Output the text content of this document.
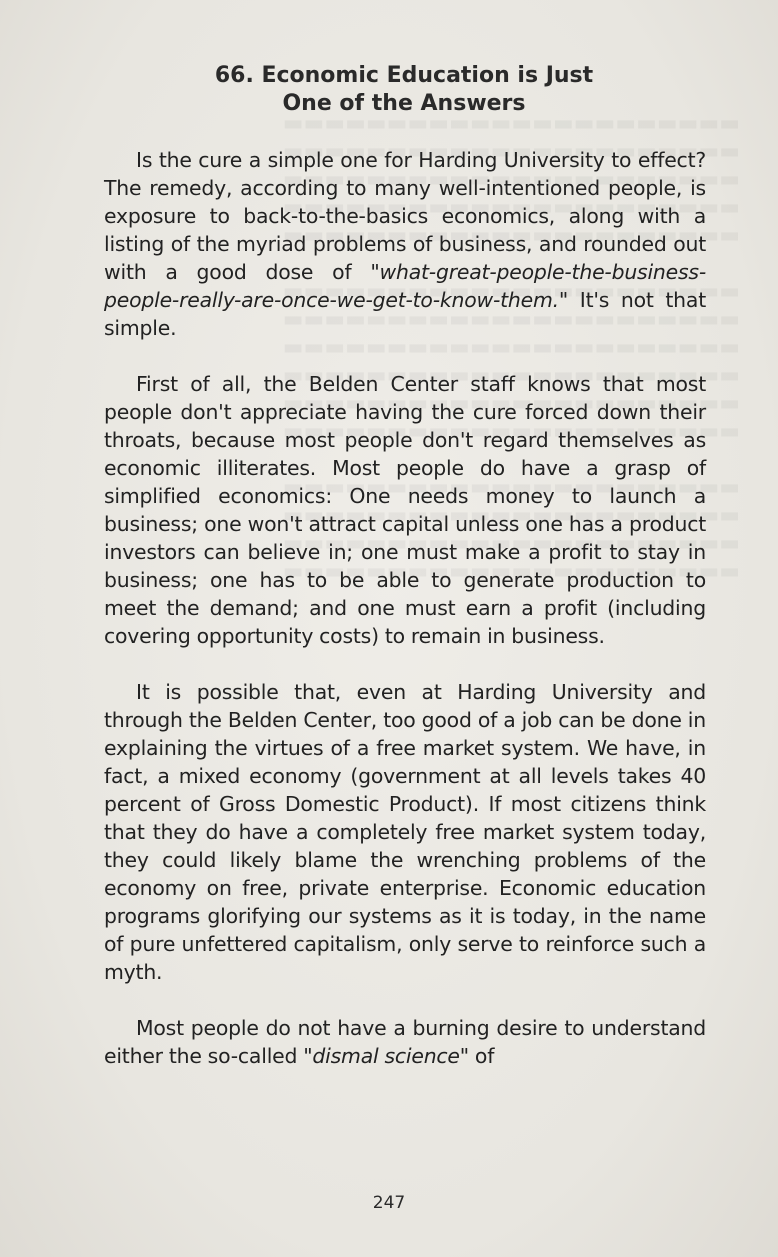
66. Economic Education is Just
One of the Answers

Is the cure a simple one for Harding University to effect? The remedy, according to many well-intentioned people, is exposure to back-to-the-basics economics, along with a listing of the myriad problems of business, and rounded out with a good dose of "what-great-people-the-business-people-really-are-once-we-get-to-know-them." It's not that simple.

First of all, the Belden Center staff knows that most people don't appreciate having the cure forced down their throats, because most people don't regard themselves as economic illiterates. Most people do have a grasp of simplified economics: One needs money to launch a business; one won't attract capital unless one has a product investors can believe in; one must make a profit to stay in business; one has to be able to generate production to meet the demand; and one must earn a profit (including covering opportunity costs) to remain in business.

It is possible that, even at Harding University and through the Belden Center, too good of a job can be done in explaining the virtues of a free market system. We have, in fact, a mixed economy (government at all levels takes 40 percent of Gross Domestic Product). If most citizens think that they do have a completely free market system today, they could likely blame the wrenching problems of the economy on free, private enterprise. Economic education programs glorifying our systems as it is today, in the name of pure unfettered capitalism, only serve to reinforce such a myth.

Most people do not have a burning desire to understand either the so-called "dismal science" of

247
